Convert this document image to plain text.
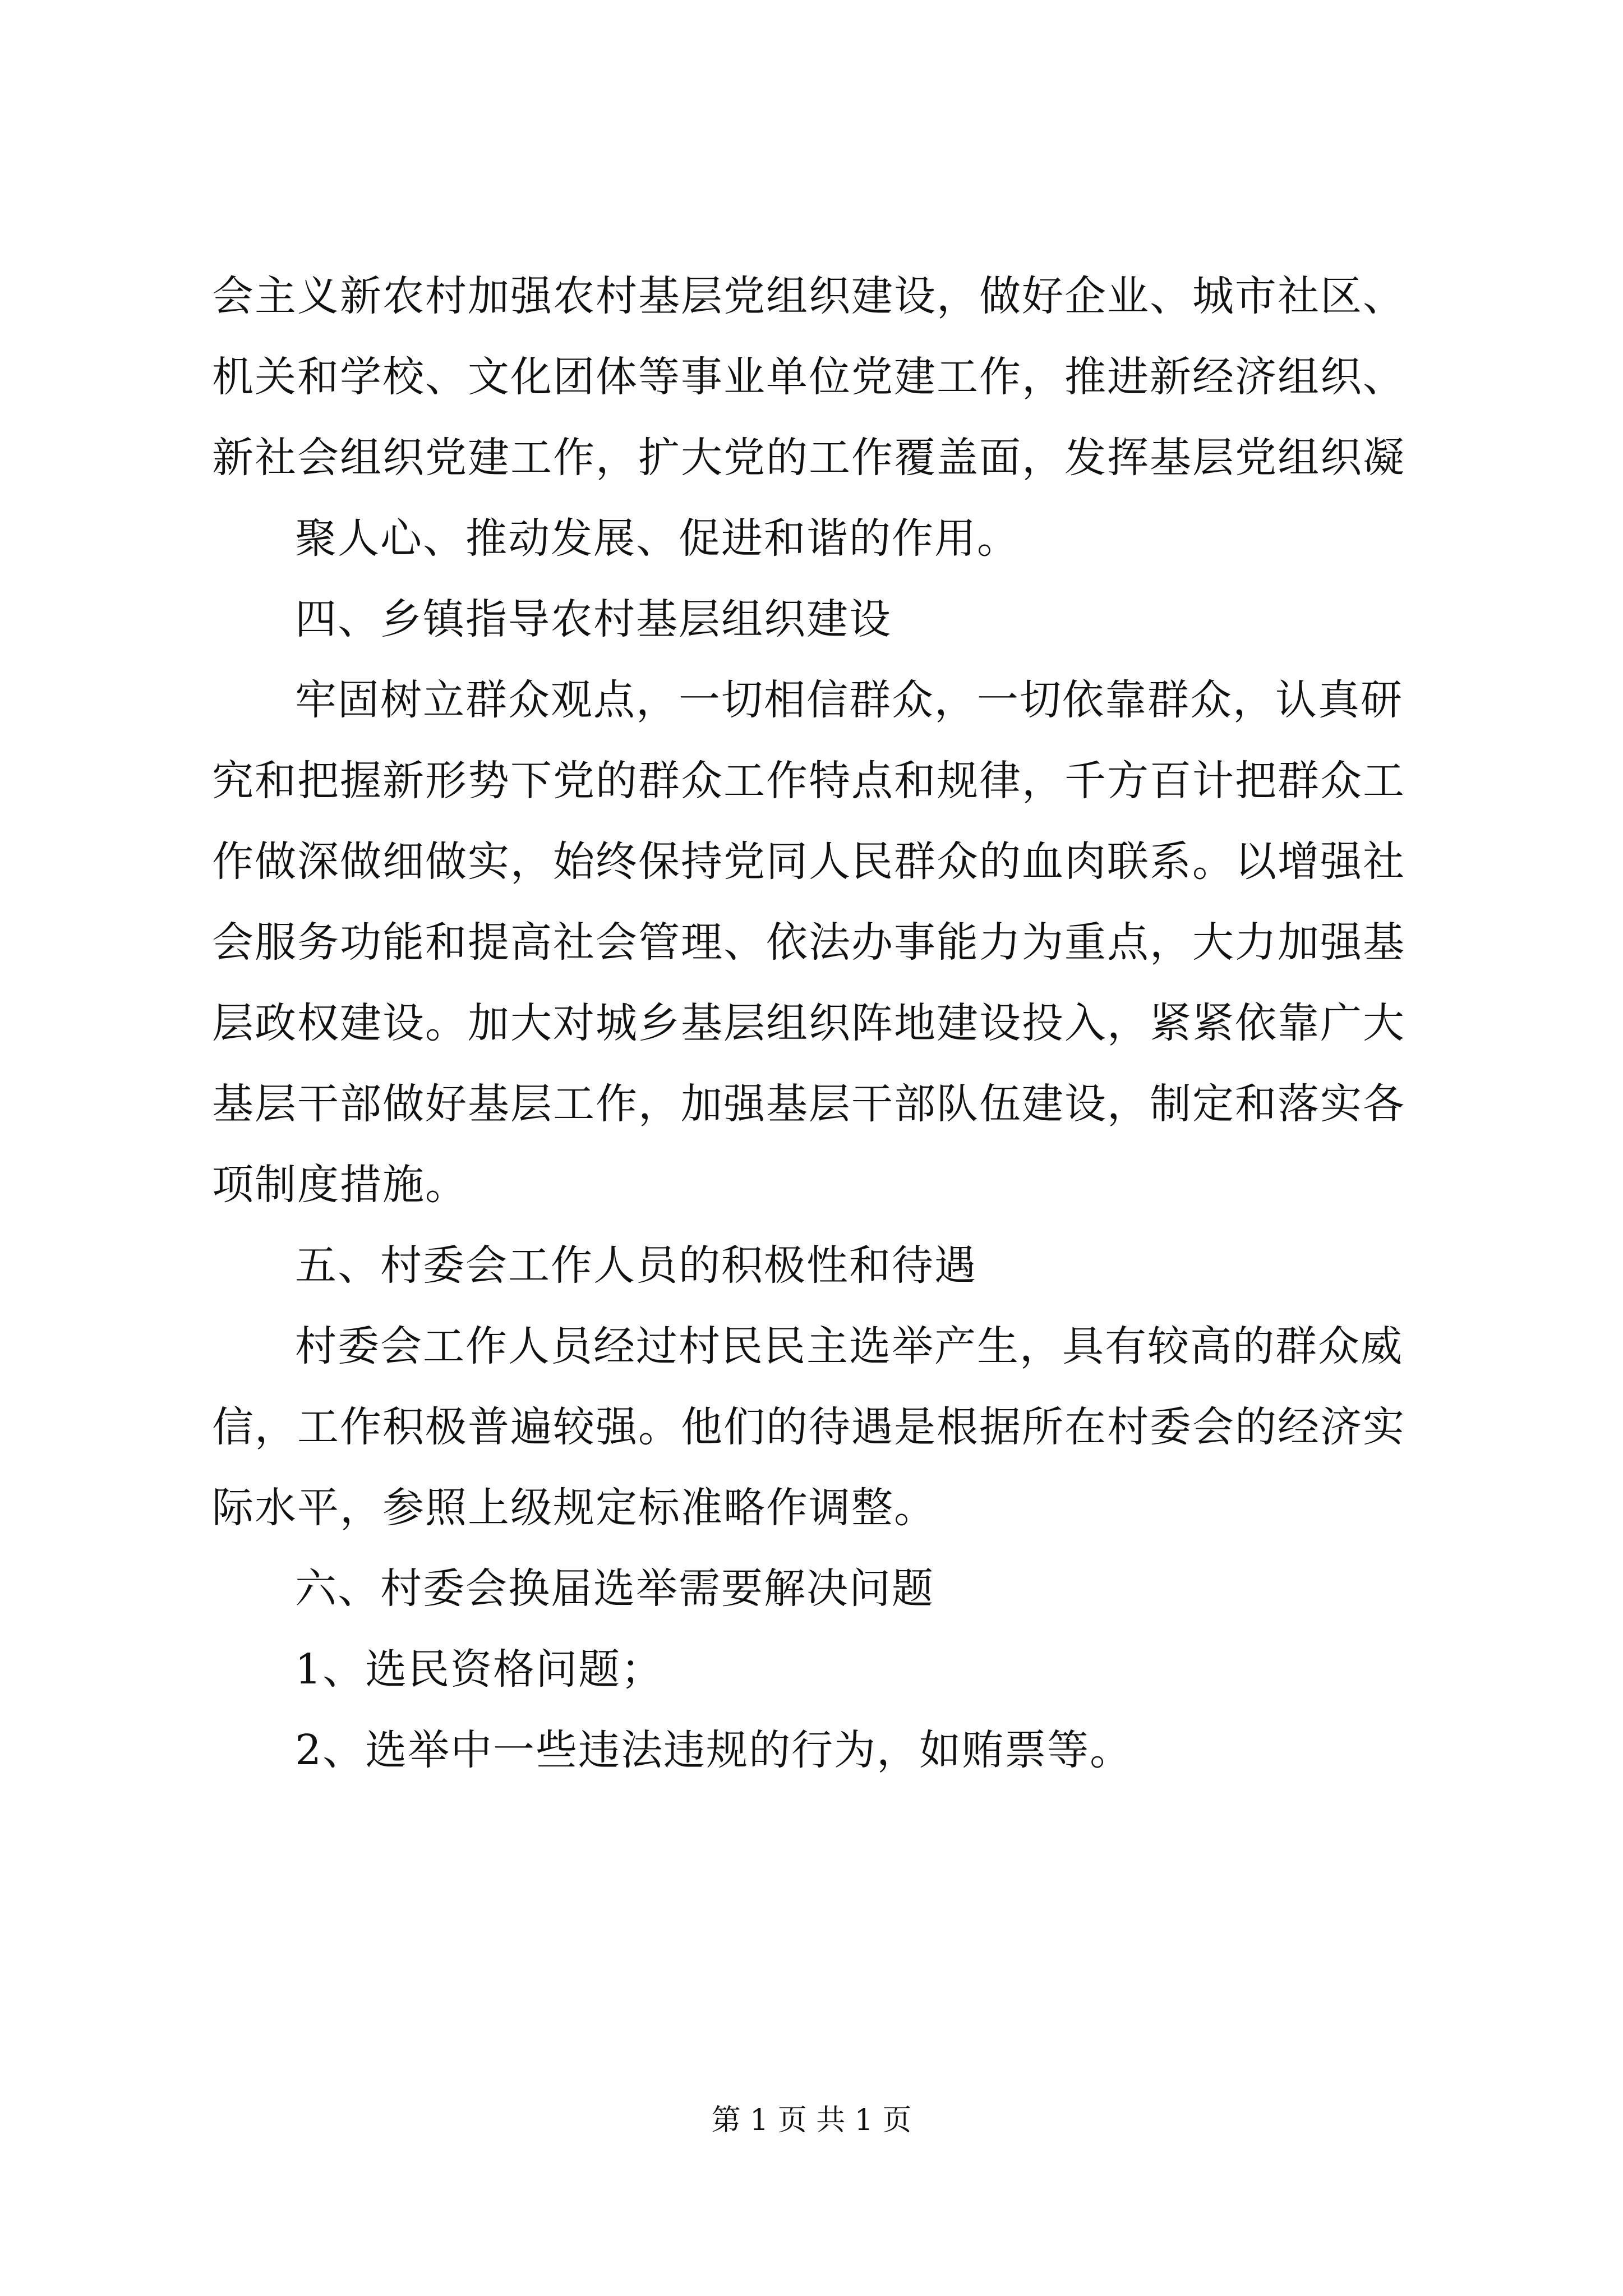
会主义新农村加强农村基层党组织建设，做好企业、城市社区、
机关和学校、文化团体等事业单位党建工作，推进新经济组织、
新社会组织党建工作，扩大党的工作覆盖面，发挥基层党组织凝
聚人心、推动发展、促进和谐的作用。
四、乡镇指导农村基层组织建设
牢固树立群众观点，一切相信群众，一切依靠群众，认真研
究和把握新形势下党的群众工作特点和规律，千方百计把群众工
作做深做细做实，始终保持党同人民群众的血肉联系。以增强社
会服务功能和提高社会管理、依法办事能力为重点，大力加强基
层政权建设。加大对城乡基层组织阵地建设投入，紧紧依靠广大
基层干部做好基层工作，加强基层干部队伍建设，制定和落实各
项制度措施。
五、村委会工作人员的积极性和待遇
村委会工作人员经过村民民主选举产生，具有较高的群众威
信，工作积极普遍较强。他们的待遇是根据所在村委会的经济实
际水平，参照上级规定标准略作调整。
六、村委会换届选举需要解决问题
1、选民资格问题；
2、选举中一些违法违规的行为，如贿票等。
第 1 页 共 1 页
